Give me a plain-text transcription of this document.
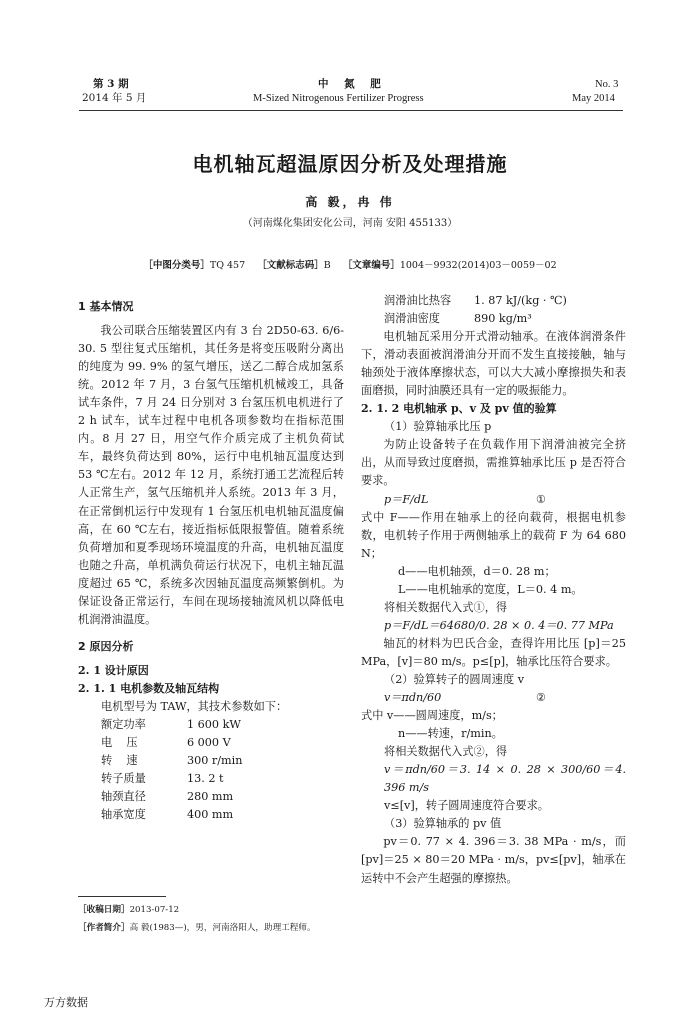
第 3 期
2014 年 5 月
中 氮 肥
M-Sized Nitrogenous Fertilizer Progress
No. 3
May 2014
电机轴瓦超温原因分析及处理措施
高 毅，冉 伟
（河南煤化集团安化公司，河南 安阳 455133）
［中图分类号］TQ 457 ［文献标志码］B ［文章编号］1004－9932(2014)03－0059－02

1 基本情况

我公司联合压缩装置区内有 3 台 2D50-63. 6/6-30. 5 型往复式压缩机，其任务是将变压吸附分离出的纯度为 99. 9% 的氢气增压，送乙二醇合成加氢系统。2012 年 7 月，3 台氢气压缩机机械竣工，具备试车条件，7 月 24 日分别对 3 台氢压机电机进行了 2 h 试车，试车过程中电机各项参数均在指标范围内。8 月 27 日，用空气作介质完成了主机负荷试车，最终负荷达到 80%，运行中电机轴瓦温度达到 53 ℃左右。2012 年 12 月，系统打通工艺流程后转人正常生产，氢气压缩机并人系统。2013 年 3 月，在正常倒机运行中发现有 1 台氢压机电机轴瓦温度偏高，在 60 ℃左右，接近指标低限报警值。随着系统负荷增加和夏季现场环境温度的升高，电机轴瓦温度也随之升高，单机满负荷运行状况下，电机主轴瓦温度超过 65 ℃，系统多次因轴瓦温度高频繁倒机。为保证设备正常运行，车间在现场接轴流风机以降低电机润滑油温度。

2 原因分析

2. 1 设计原因

2. 1. 1 电机参数及轴瓦结构

电机型号为 TAW，其技术参数如下：

额定功率	1 600 kW
电    压	6 000 V
转    速	300 r/min
转子质量	13. 2 t
轴颈直径	280 mm
轴承宽度	400 mm
润滑油比热容	1. 87 kJ/(kg · ℃)
润滑油密度	890 kg/m³

电机轴瓦采用分开式滑动轴承。在液体润滑条件下，滑动表面被润滑油分开而不发生直接接触，轴与轴颈处于液体摩擦状态，可以大大减小摩擦损失和表面磨损，同时油膜还具有一定的吸振能力。

2. 1. 2 电机轴承 p、v 及 pv 值的验算

（1）验算轴承比压 p

为防止设备转子在负载作用下润滑油被完全挤出，从而导致过度磨损，需推算轴承比压 p 是否符合要求。

p＝F/dL	①

式中 F——作用在轴承上的径向载荷，根据电机参数，电机转子作用于两侧轴承上的载荷 F 为 64 680 N；

d——电机轴颈，d＝0. 28 m；

L——电机轴承的宽度，L＝0. 4 m。

将相关数据代入式①，得

p＝F/dL＝64680/0. 28 × 0. 4＝0. 77 MPa

轴瓦的材料为巴氏合金，查得许用比压 [p]＝25 MPa，[v]＝80 m/s。p≤[p]，轴承比压符合要求。

（2）验算转子的圆周速度 v

v＝πdn/60	②

式中 v——圆周速度，m/s；

n——转速，r/min。

将相关数据代入式②，得

v＝πdn/60＝3. 14 × 0. 28 × 300/60＝4. 396 m/s

v≤[v]，转子圆周速度符合要求。

（3）验算轴承的 pv 值

pv＝0. 77 × 4. 396＝3. 38 MPa · m/s，而 [pv]＝25 × 80＝20 MPa · m/s，pv≤[pv]，轴承在运转中不会产生超强的摩擦热。

［收稿日期］2013-07-12
［作者简介］高 毅(1983—)，男，河南洛阳人，助理工程师。
万方数据
